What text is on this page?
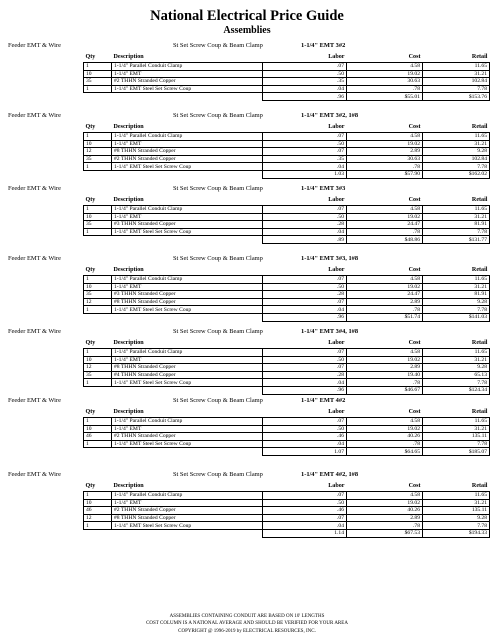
National Electrical Price Guide
Assemblies
Feeder EMT & Wire	St Set Screw Coup & Beam Clamp	1-1/4" EMT 3#2
Qty	Description	Labor	Cost	Retail
1	1-1/4" Parallel Conduit Clamp	.07	4.58	11.65
10	1-1/4" EMT	.50	19.02	31.21
35	#2 THHN Stranded Copper	.35	30.63	102.84
1	1-1/4" EMT Steel Set Screw Coup	.04	.78	7.78
		.96	$55.01	$153.76
Feeder EMT & Wire	St Set Screw Coup & Beam Clamp	1-1/4" EMT 3#2, 1#8
Qty	Description	Labor	Cost	Retail
1	1-1/4" Parallel Conduit Clamp	.07	4.58	11.65
10	1-1/4" EMT	.50	19.02	31.21
12	#8 THHN Stranded Copper	.07	2.89	9.28
35	#2 THHN Stranded Copper	.35	30.63	102.84
1	1-1/4" EMT Steel Set Screw Coup	.04	.78	7.78
		1.03	$57.90	$162.02
Feeder EMT & Wire	St Set Screw Coup & Beam Clamp	1-1/4" EMT 3#3
Qty	Description	Labor	Cost	Retail
1	1-1/4" Parallel Conduit Clamp	.07	4.58	11.65
10	1-1/4" EMT	.50	19.02	31.21
35	#3 THHN Stranded Copper	.28	24.47	81.91
1	1-1/4" EMT Steel Set Screw Coup	.04	.78	7.78
		.89	$48.86	$131.77
Feeder EMT & Wire	St Set Screw Coup & Beam Clamp	1-1/4" EMT 3#3, 1#8
Qty	Description	Labor	Cost	Retail
1	1-1/4" Parallel Conduit Clamp	.07	4.58	11.65
10	1-1/4" EMT	.50	19.02	31.21
35	#3 THHN Stranded Copper	.28	24.47	81.91
12	#8 THHN Stranded Copper	.07	2.89	9.28
1	1-1/4" EMT Steel Set Screw Coup	.04	.78	7.78
		.96	$51.74	$141.03
Feeder EMT & Wire	St Set Screw Coup & Beam Clamp	1-1/4" EMT 3#4, 1#8
Qty	Description	Labor	Cost	Retail
1	1-1/4" Parallel Conduit Clamp	.07	4.58	11.65
10	1-1/4" EMT	.50	19.02	31.21
12	#8 THHN Stranded Copper	.07	2.89	9.28
35	#4 THHN Stranded Copper	.28	19.40	65.13
1	1-1/4" EMT Steel Set Screw Coup	.04	.78	7.78
		.96	$46.67	$124.34
Feeder EMT & Wire	St Set Screw Coup & Beam Clamp	1-1/4" EMT 4#2
Qty	Description	Labor	Cost	Retail
1	1-1/4" Parallel Conduit Clamp	.07	4.58	11.65
10	1-1/4" EMT	.50	19.02	31.21
46	#2 THHN Stranded Copper	.46	40.26	135.11
1	1-1/4" EMT Steel Set Screw Coup	.04	.78	7.78
		1.07	$64.65	$185.07
Feeder EMT & Wire	St Set Screw Coup & Beam Clamp	1-1/4" EMT 4#2, 1#8
Qty	Description	Labor	Cost	Retail
1	1-1/4" Parallel Conduit Clamp	.07	4.58	11.65
10	1-1/4" EMT	.50	19.02	31.21
46	#2 THHN Stranded Copper	.46	40.26	135.11
12	#8 THHN Stranded Copper	.07	2.89	9.28
1	1-1/4" EMT Steel Set Screw Coup	.04	.78	7.78
		1.14	$67.53	$194.33
ASSEMBLIES CONTAINING CONDUIT ARE BASED ON 10' LENGTHS
COST COLUMN IS A NATIONAL AVERAGE AND SHOULD BE VERIFIED FOR YOUR AREA
COPYRIGHT @ 1996-2019 by ELECTRICAL RESOURCES, INC.
